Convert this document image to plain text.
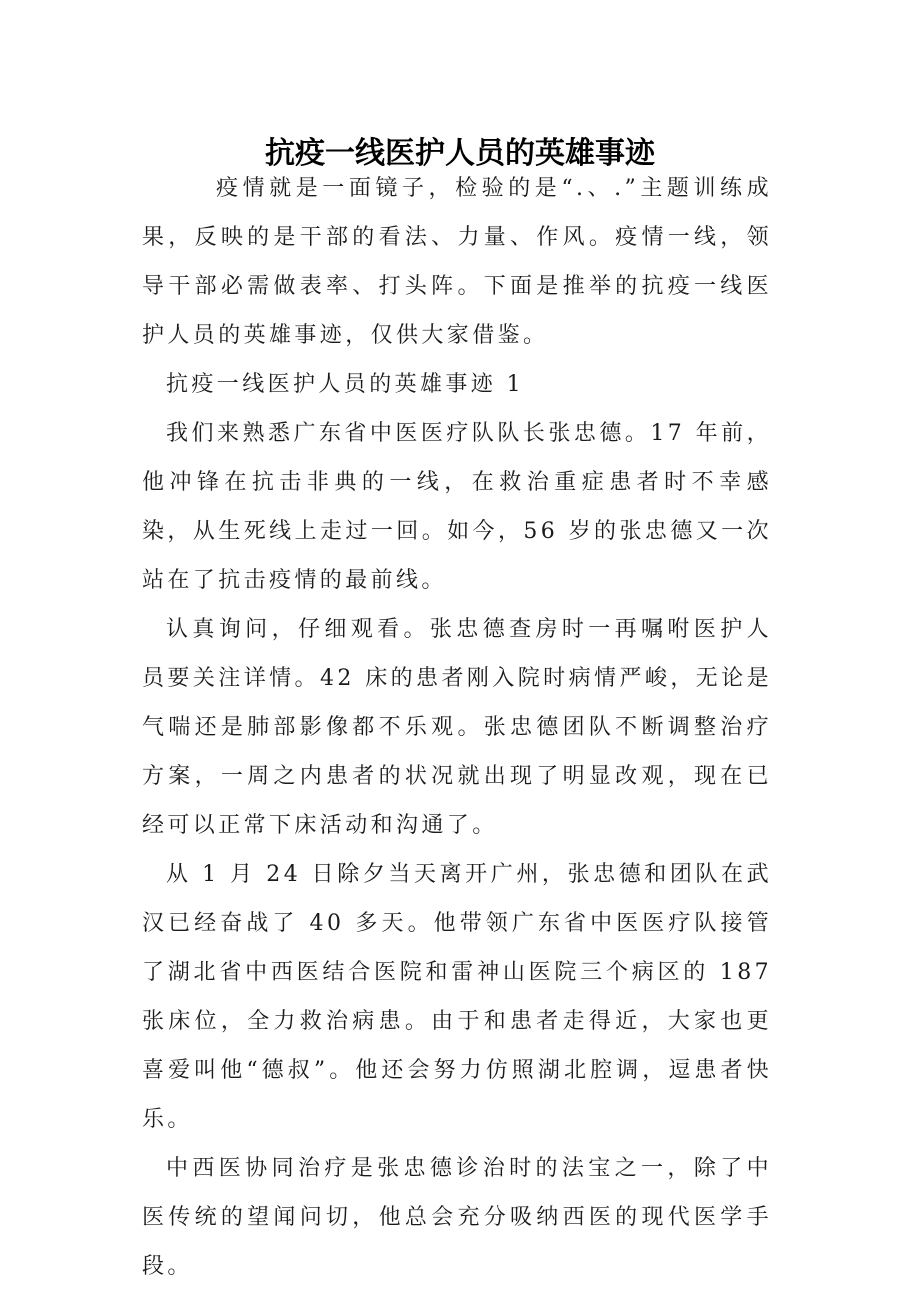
抗疫一线医护人员的英雄事迹

疫情就是一面镜子，检验的是“.、.”主题训练成果，反映的是干部的看法、力量、作风。疫情一线，领导干部必需做表率、打头阵。下面是推举的抗疫一线医护人员的英雄事迹，仅供大家借鉴。

抗疫一线医护人员的英雄事迹 1

我们来熟悉广东省中医医疗队队长张忠德。17 年前，他冲锋在抗击非典的一线，在救治重症患者时不幸感染，从生死线上走过一回。如今，56 岁的张忠德又一次站在了抗击疫情的最前线。

认真询问，仔细观看。张忠德查房时一再嘱咐医护人员要关注详情。42 床的患者刚入院时病情严峻，无论是气喘还是肺部影像都不乐观。张忠德团队不断调整治疗方案，一周之内患者的状况就出现了明显改观，现在已经可以正常下床活动和沟通了。

从 1 月 24 日除夕当天离开广州，张忠德和团队在武汉已经奋战了 40 多天。他带领广东省中医医疗队接管了湖北省中西医结合医院和雷神山医院三个病区的 187 张床位，全力救治病患。由于和患者走得近，大家也更喜爱叫他“德叔”。他还会努力仿照湖北腔调，逗患者快乐。

中西医协同治疗是张忠德诊治时的法宝之一，除了中医传统的望闻问切，他总会充分吸纳西医的现代医学手段。
